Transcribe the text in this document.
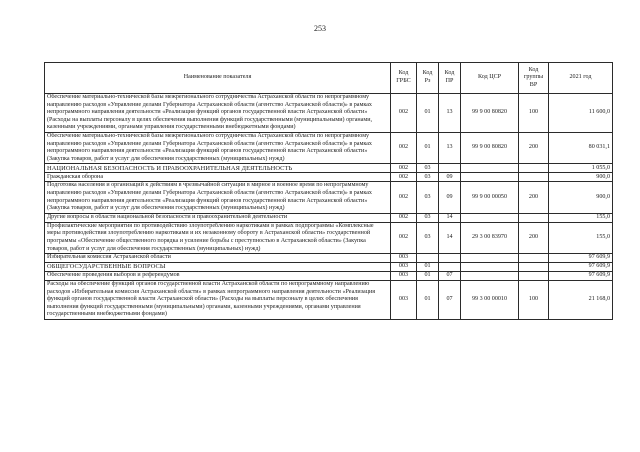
253
Наименование показателя	Код ГРБС	Код Рз	Код ПР	Код ЦСР	Код группы ВР	2021 год
Обеспечение материально-технической базы межрегионального сотрудничества Астраханской области по непрограммному направлению расходов «Управление делами Губернатора Астраханской области (агентство Астраханской области)» в рамках непрограммного направления деятельности «Реализация функций органов государственной власти Астраханской области» (Расходы на выплаты персоналу в целях обеспечения выполнения функций государственными (муниципальными) органами, казенными учреждениями, органами управления государственными внебюджетными фондами)	002	01	13	99 9 00 80820	100	11 600,0
Обеспечение материально-технической базы межрегионального сотрудничества Астраханской области по непрограммному направлению расходов «Управление делами Губернатора Астраханской области (агентство Астраханской области)» в рамках непрограммного направления деятельности «Реализация функций органов государственной власти Астраханской области» (Закупка товаров, работ и услуг для обеспечения государственных (муниципальных) нужд)	002	01	13	99 9 00 80820	200	80 031,1
НАЦИОНАЛЬНАЯ БЕЗОПАСНОСТЬ И ПРАВООХРАНИТЕЛЬНАЯ ДЕЯТЕЛЬНОСТЬ	002	03				1 055,0
Гражданская оборона	002	03	09			900,0
Подготовка населения и организаций к действиям в чрезвычайной ситуации в мирное и военное время по непрограммному направлению расходов «Управление делами Губернатора Астраханской области (агентство Астраханской области)» в рамках непрограммного направления деятельности «Реализация функций органов государственной власти Астраханской области» (Закупка товаров, работ и услуг для обеспечения государственных (муниципальных) нужд)	002	03	09	99 9 00 00050	200	900,0
Другие вопросы в области национальной безопасности и правоохранительной деятельности	002	03	14			155,0
Профилактические мероприятия по противодействию злоупотреблению наркотиками в рамках подпрограммы «Комплексные меры противодействия злоупотреблению наркотиками и их незаконному обороту в Астраханской области» государственной программы «Обеспечение общественного порядка и усиление борьбы с преступностью в Астраханской области» (Закупка товаров, работ и услуг для обеспечения государственных (муниципальных) нужд)	002	03	14	29 3 00 83970	200	155,0
Избирательная комиссия Астраханской области	003					97 609,9
ОБЩЕГОСУДАРСТВЕННЫЕ ВОПРОСЫ	003	01				97 609,9
Обеспечение проведения выборов и референдумов	003	01	07			97 609,9
Расходы на обеспечение функций органов государственной власти Астраханской области по непрограммному направлению расходов «Избирательная комиссия Астраханской области» в рамках непрограммного направления деятельности «Реализация функций органов государственной власти Астраханской области» (Расходы на выплаты персоналу в целях обеспечения выполнения функций государственными (муниципальными) органами, казенными учреждениями, органами управления государственными внебюджетными фондами)	003	01	07	99 3 00 00010	100	21 168,0
